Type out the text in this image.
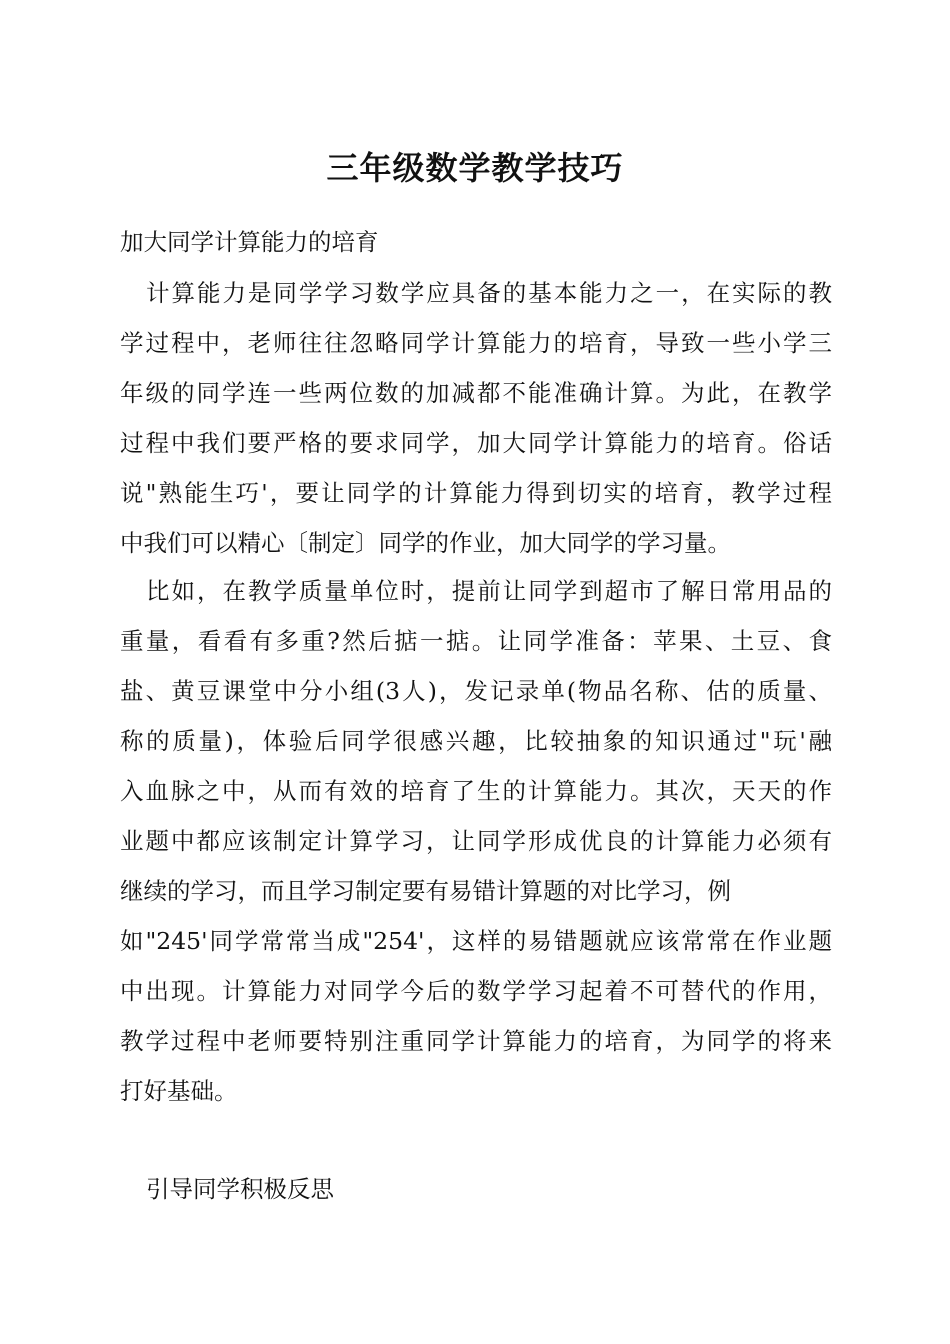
三年级数学教学技巧

加大同学计算能力的培育

计算能力是同学学习数学应具备的基本能力之一，在实际的教

学过程中，老师往往忽略同学计算能力的培育，导致一些小学三

年级的同学连一些两位数的加减都不能准确计算。为此，在教学

过程中我们要严格的要求同学，加大同学计算能力的培育。俗话

说"熟能生巧'，要让同学的计算能力得到切实的培育，教学过程

中我们可以精心〔制定〕同学的作业，加大同学的学习量。

比如，在教学质量单位时，提前让同学到超市了解日常用品的

重量，看看有多重?然后掂一掂。让同学准备：苹果、土豆、食

盐、黄豆课堂中分小组(3人)，发记录单(物品名称、估的质量、

称的质量)，体验后同学很感兴趣，比较抽象的知识通过"玩'融

入血脉之中，从而有效的培育了生的计算能力。其次，天天的作

业题中都应该制定计算学习，让同学形成优良的计算能力必须有

继续的学习，而且学习制定要有易错计算题的对比学习，例

如"245'同学常常当成"254'，这样的易错题就应该常常在作业题

中出现。计算能力对同学今后的数学学习起着不可替代的作用，

教学过程中老师要特别注重同学计算能力的培育，为同学的将来

打好基础。

引导同学积极反思
